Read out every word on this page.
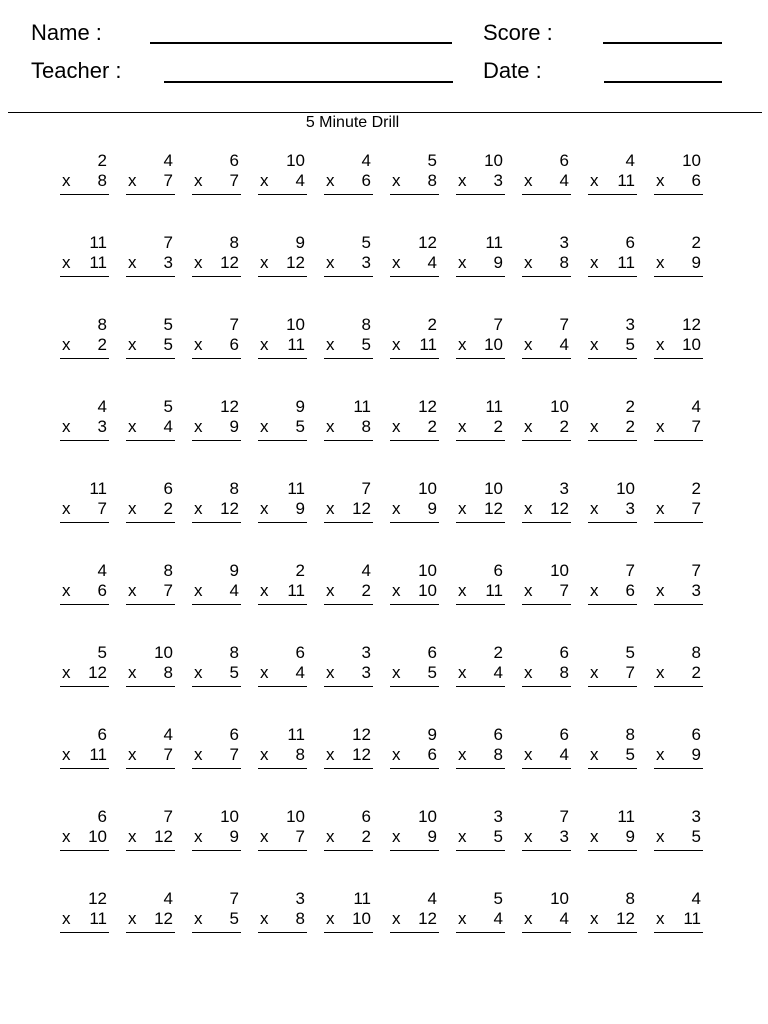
Name :
Teacher :
Score :
Date :
5 Minute Drill
2
x 8
4
x 7
6
x 7
10
x 4
4
x 6
5
x 8
10
x 3
6
x 4
4
x 11
10
x 6
11
x 11
7
x 3
8
x 12
9
x 12
5
x 3
12
x 4
11
x 9
3
x 8
6
x 11
2
x 9
8
x 2
5
x 5
7
x 6
10
x 11
8
x 5
2
x 11
7
x 10
7
x 4
3
x 5
12
x 10
4
x 3
5
x 4
12
x 9
9
x 5
11
x 8
12
x 2
11
x 2
10
x 2
2
x 2
4
x 7
11
x 7
6
x 2
8
x 12
11
x 9
7
x 12
10
x 9
10
x 12
3
x 12
10
x 3
2
x 7
4
x 6
8
x 7
9
x 4
2
x 11
4
x 2
10
x 10
6
x 11
10
x 7
7
x 6
7
x 3
5
x 12
10
x 8
8
x 5
6
x 4
3
x 3
6
x 5
2
x 4
6
x 8
5
x 7
8
x 2
6
x 11
4
x 7
6
x 7
11
x 8
12
x 12
9
x 6
6
x 8
6
x 4
8
x 5
6
x 9
6
x 10
7
x 12
10
x 9
10
x 7
6
x 2
10
x 9
3
x 5
7
x 3
11
x 9
3
x 5
12
x 11
4
x 12
7
x 5
3
x 8
11
x 10
4
x 12
5
x 4
10
x 4
8
x 12
4
x 11
